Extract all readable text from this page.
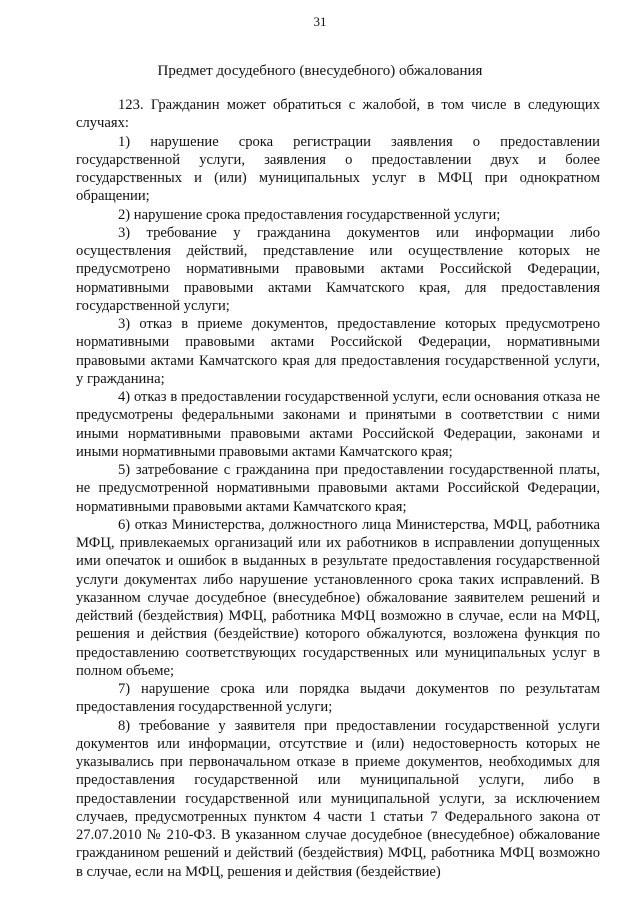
31
Предмет досудебного (внесудебного) обжалования

123. Гражданин может обратиться с жалобой, в том числе в следующих случаях:

1) нарушение срока регистрации заявления о предоставлении государственной услуги, заявления о предоставлении двух и более государственных и (или) муниципальных услуг в МФЦ при однократном обращении;

2) нарушение срока предоставления государственной услуги;

3) требование у гражданина документов или информации либо осуществления действий, представление или осуществление которых не предусмотрено нормативными правовыми актами Российской Федерации, нормативными правовыми актами Камчатского края, для предоставления государственной услуги;

3) отказ в приеме документов, предоставление которых предусмотрено нормативными правовыми актами Российской Федерации, нормативными правовыми актами Камчатского края для предоставления государственной услуги, у гражданина;

4) отказ в предоставлении государственной услуги, если основания отказа не предусмотрены федеральными законами и принятыми в соответствии с ними иными нормативными правовыми актами Российской Федерации, законами и иными нормативными правовыми актами Камчатского края;

5) затребование с гражданина при предоставлении государственной платы, не предусмотренной нормативными правовыми актами Российской Федерации, нормативными правовыми актами Камчатского края;

6) отказ Министерства, должностного лица Министерства, МФЦ, работника МФЦ, привлекаемых организаций или их работников в исправлении допущенных ими опечаток и ошибок в выданных в результате предоставления государственной услуги документах либо нарушение установленного срока таких исправлений. В указанном случае досудебное (внесудебное) обжалование заявителем решений и действий (бездействия) МФЦ, работника МФЦ возможно в случае, если на МФЦ, решения и действия (бездействие) которого обжалуются, возложена функция по предоставлению соответствующих государственных или муниципальных услуг в полном объеме;

7) нарушение срока или порядка выдачи документов по результатам предоставления государственной услуги;

8) требование у заявителя при предоставлении государственной услуги документов или информации, отсутствие и (или) недостоверность которых не указывались при первоначальном отказе в приеме документов, необходимых для предоставления государственной или муниципальной услуги, либо в предоставлении государственной или муниципальной услуги, за исключением случаев, предусмотренных пунктом 4 части 1 статьи 7 Федерального закона от 27.07.2010 № 210-ФЗ. В указанном случае досудебное (внесудебное) обжалование гражданином решений и действий (бездействия) МФЦ, работника МФЦ возможно в случае, если на МФЦ, решения и действия (бездействие)
